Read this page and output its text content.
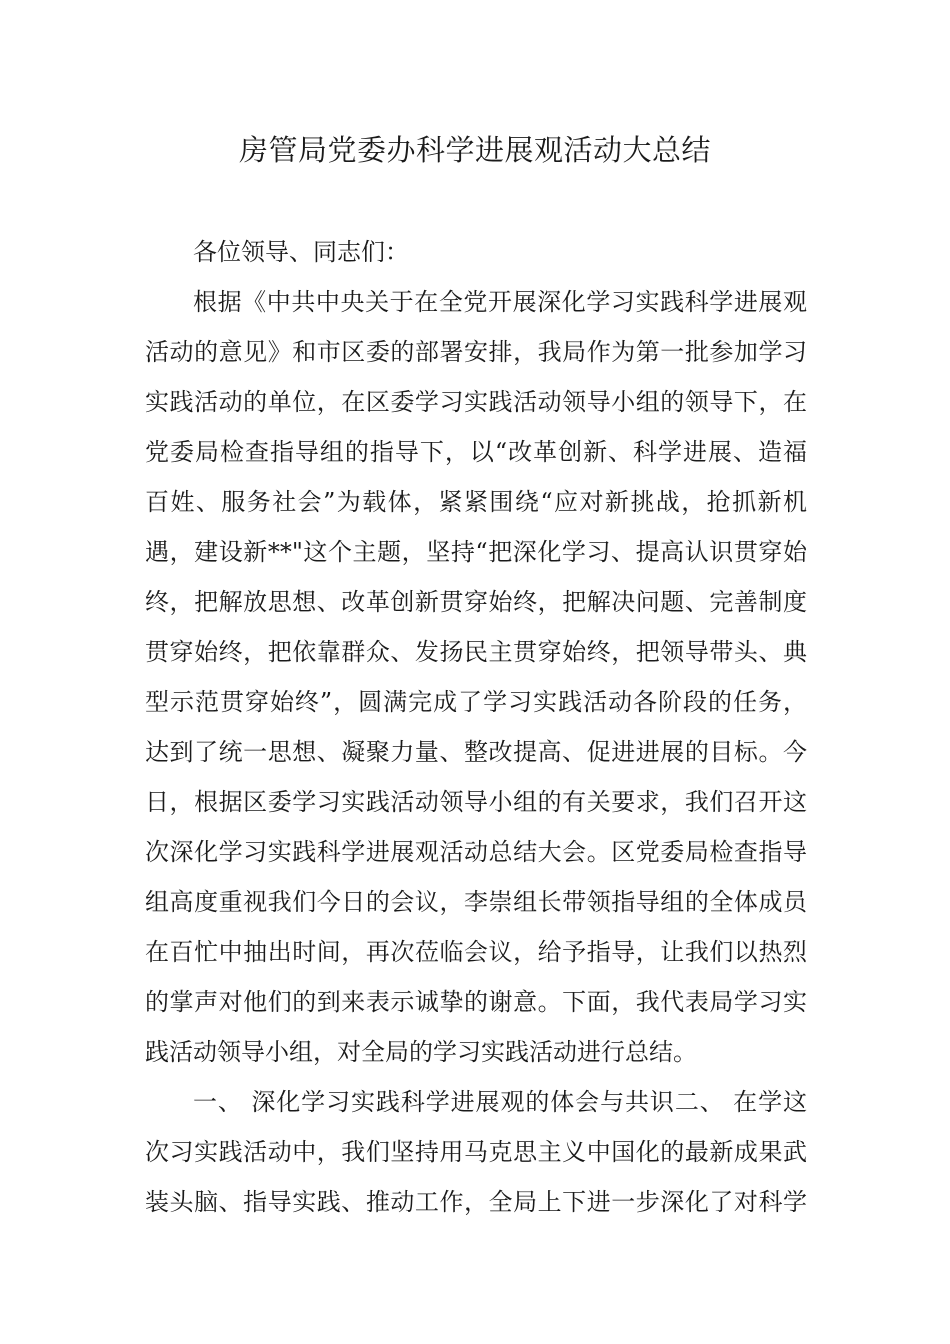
房管局党委办科学进展观活动大总结
各位领导、同志们：
根据《中共中央关于在全党开展深化学习实践科学进展观
活动的意见》和市区委的部署安排，我局作为第一批参加学习
实践活动的单位，在区委学习实践活动领导小组的领导下，在
党委局检查指导组的指导下，以“改革创新、科学进展、造福
百姓、服务社会”为载体，紧紧围绕“应对新挑战，抢抓新机
遇，建设新**"这个主题，坚持“把深化学习、提高认识贯穿始
终，把解放思想、改革创新贯穿始终，把解决问题、完善制度
贯穿始终，把依靠群众、发扬民主贯穿始终，把领导带头、典
型示范贯穿始终”，圆满完成了学习实践活动各阶段的任务，
达到了统一思想、凝聚力量、整改提高、促进进展的目标。今
日，根据区委学习实践活动领导小组的有关要求，我们召开这
次深化学习实践科学进展观活动总结大会。区党委局检查指导
组高度重视我们今日的会议，李崇组长带领指导组的全体成员
在百忙中抽出时间，再次莅临会议，给予指导，让我们以热烈
的掌声对他们的到来表示诚挚的谢意。下面，我代表局学习实
践活动领导小组，对全局的学习实践活动进行总结。
一、 深化学习实践科学进展观的体会与共识二、 在学这
次习实践活动中，我们坚持用马克思主义中国化的最新成果武
装头脑、指导实践、推动工作，全局上下进一步深化了对科学
